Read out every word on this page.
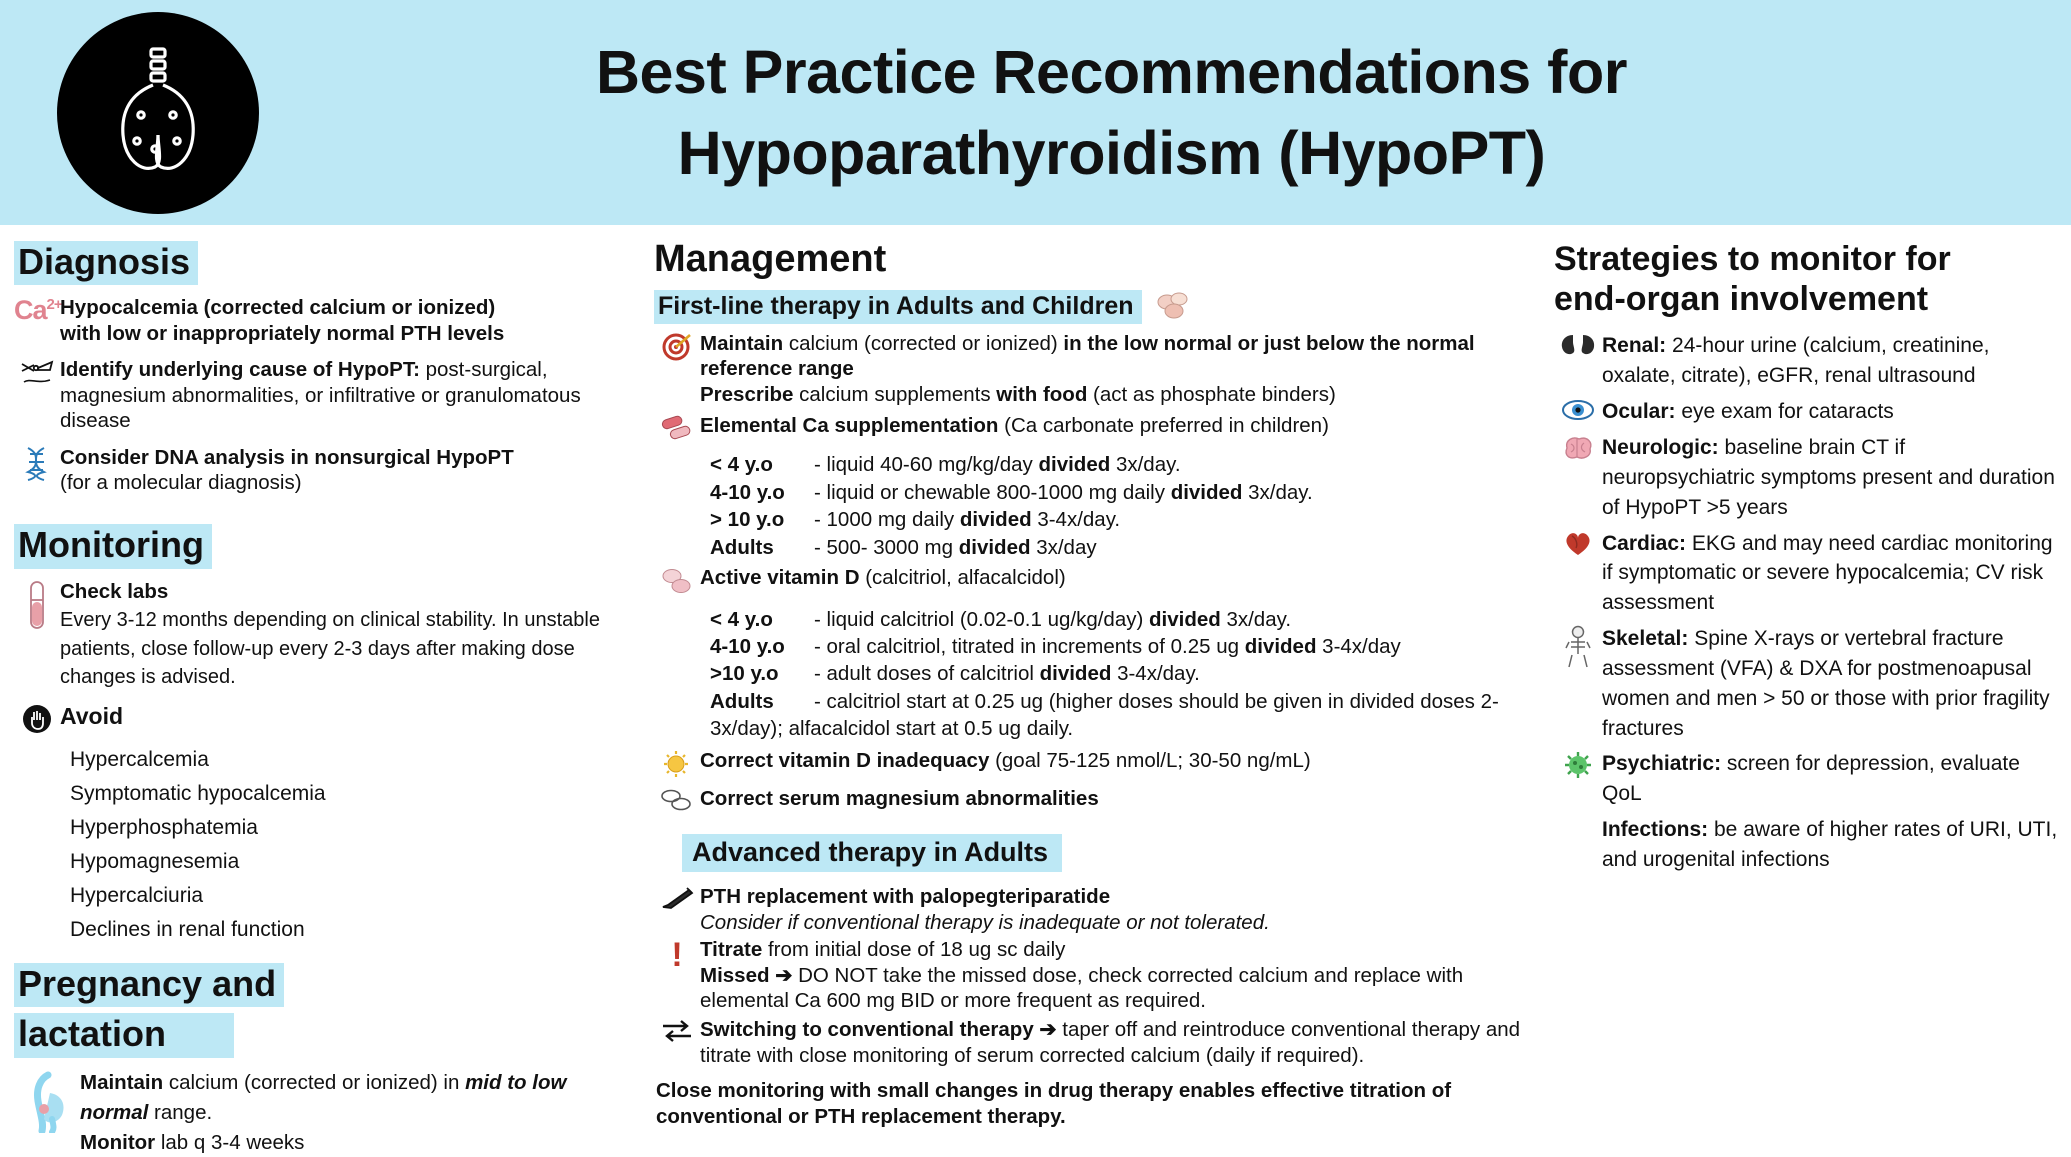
Best Practice Recommendations for
Hypoparathyroidism (HypoPT)
Diagnosis
$Ca^{2+}$
Hypocalcemia (corrected calcium or ionized)
with low or inappropriately normal PTH levels
Identify underlying cause of HypoPT: post-surgical, magnesium abnormalities, or infiltrative or granulomatous disease
Consider DNA analysis in nonsurgical HypoPT
(for a molecular diagnosis)
Monitoring
Check labs
Every 3-12 months depending on clinical stability. In unstable patients, close follow-up every 2-3 days after making dose changes is advised.
Avoid
Hypercalcemia
Symptomatic hypocalcemia
Hyperphosphatemia
Hypomagnesemia
Hypercalciuria
Declines in renal function
Pregnancy and
lactation
Maintain calcium (corrected or ionized) in mid to low normal range.
Monitor lab q 3-4 weeks
Management
First-line therapy in Adults and Children
Maintain calcium (corrected or ionized) in the low normal or just below the normal reference range
Prescribe calcium supplements with food (act as phosphate binders)
Elemental Ca supplementation (Ca carbonate preferred in children)
< 4 y.o - liquid 40-60 mg/kg/day divided 3x/day.
4-10 y.o - liquid or chewable 800-1000 mg daily divided 3x/day.
> 10 y.o - 1000 mg daily divided 3-4x/day.
Adults - 500- 3000 mg divided 3x/day
Active vitamin D (calcitriol, alfacalcidol)
< 4 y.o - liquid calcitriol (0.02-0.1 ug/kg/day) divided 3x/day.
4-10 y.o - oral calcitriol, titrated in increments of 0.25 ug divided 3-4x/day
>10 y.o - adult doses of calcitriol divided 3-4x/day.
Adults - calcitriol start at 0.25 ug (higher doses should be given in divided doses 2-3x/day); alfacalcidol start at 0.5 ug daily.
Correct vitamin D inadequacy (goal 75-125 nmol/L; 30-50 ng/mL)
Correct serum magnesium abnormalities
Advanced therapy in Adults
PTH replacement with palopegteriparatide
Consider if conventional therapy is inadequate or not tolerated.
! Titrate from initial dose of 18 ug sc daily
Missed ➔ DO NOT take the missed dose, check corrected calcium and replace with elemental Ca 600 mg BID or more frequent as required.
Switching to conventional therapy ➔ taper off and reintroduce conventional therapy and titrate with close monitoring of serum corrected calcium (daily if required).
Close monitoring with small changes in drug therapy enables effective titration of conventional or PTH replacement therapy.
Strategies to monitor for
end-organ involvement
Renal: 24-hour urine (calcium, creatinine, oxalate, citrate), eGFR, renal ultrasound
Ocular: eye exam for cataracts
Neurologic: baseline brain CT if neuropsychiatric symptoms present and duration of HypoPT >5 years
Cardiac: EKG and may need cardiac monitoring if symptomatic or severe hypocalcemia; CV risk assessment
Skeletal: Spine X-rays or vertebral fracture assessment (VFA) & DXA for postmenoapusal women and men > 50 or those with prior fragility fractures
Psychiatric: screen for depression, evaluate QoL
Infections: be aware of higher rates of URI, UTI, and urogenital infections
